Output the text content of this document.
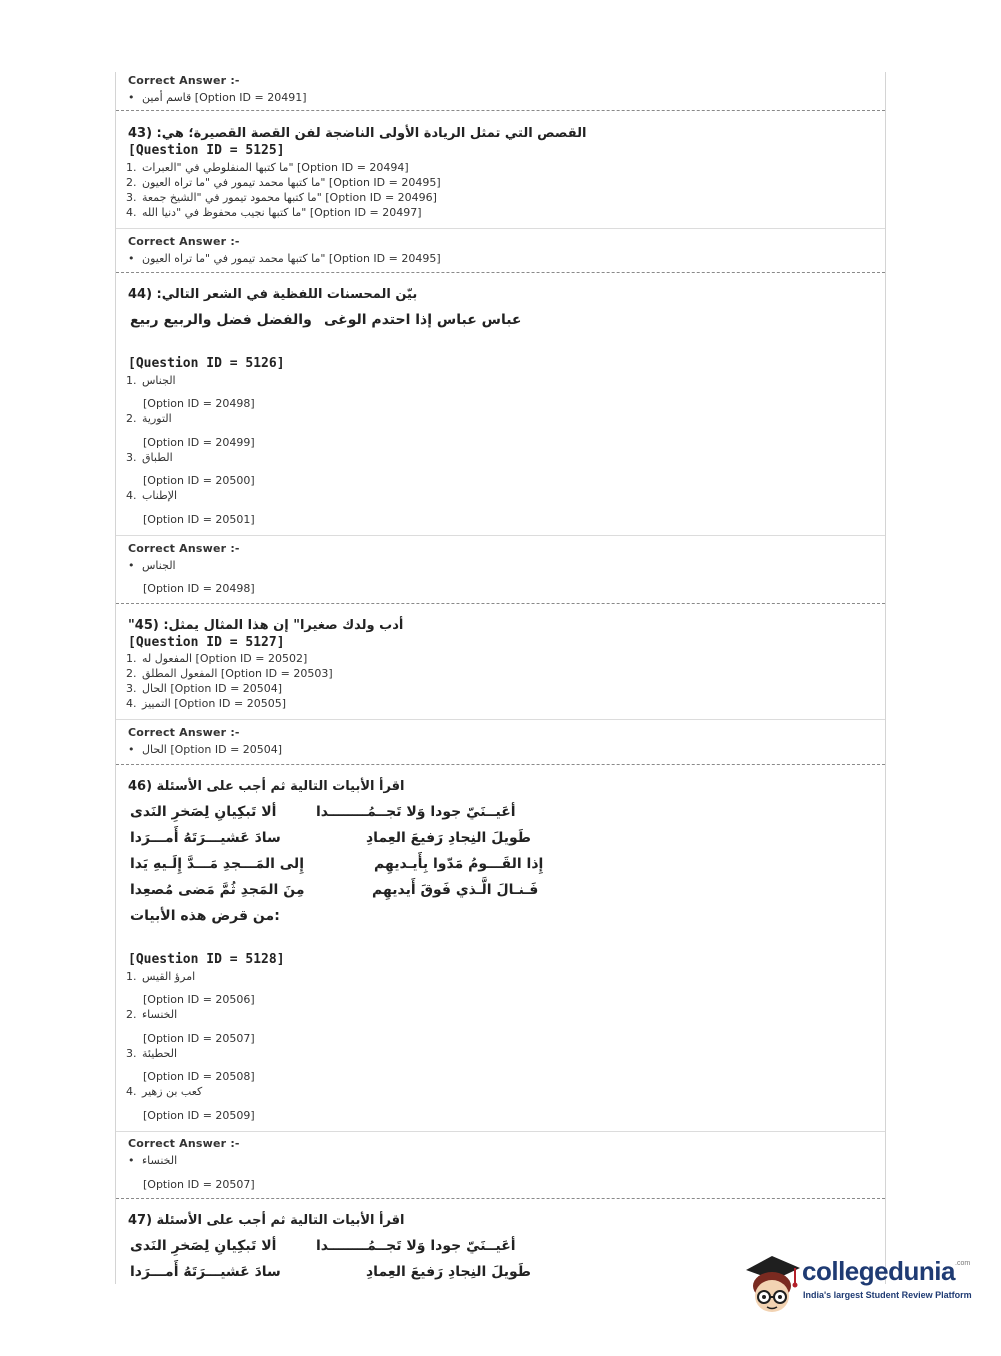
Correct Answer :-
• قاسم أمين [Option ID = 20491]
القصص التي تمثل الريادة الأولى الناضجة لفن القصة القصيرة؛ هي: (43
[Question ID = 5125]
1. ما كتبها المنفلوطي في "العبرات" [Option ID = 20494]
2. ما كتبها محمد تيمور في "ما تراه العيون" [Option ID = 20495]
3. ما كتبها محمود تيمور في "الشيخ جمعة" [Option ID = 20496]
4. ما كتبها نجيب محفوظ في "دنيا الله" [Option ID = 20497]
Correct Answer :-
• ما كتبها محمد تيمور في "ما تراه العيون" [Option ID = 20495]
بيّن المحسنات اللفظية في الشعر التالي: (44
عباس عباس إذا احتدم الوغى
والفضل فضل والربيع ربيع
[Question ID = 5126]
1. الجناس
[Option ID = 20498]
2. التورية
[Option ID = 20499]
3. الطباق
[Option ID = 20500]
4. الإطناب
[Option ID = 20501]
Correct Answer :-
• الجناس
[Option ID = 20498]
"أدب ولدك صغيرا" إن هذا المثال يمثل: (45
[Question ID = 5127]
1. المفعول له [Option ID = 20502]
2. المفعول المطلق [Option ID = 20503]
3. الحال [Option ID = 20504]
4. التمييز [Option ID = 20505]
Correct Answer :-
• الحال [Option ID = 20504]
اقرأ الأبيات التالية ثم أجب على الأسئلة (46
أعَيــنَيّ جودا وَلا تَجــمُــــــــدا
ألا تَبكِيانِ لِصَخرِ النَدى
طَويلَ النِجادِ رَفيعَ العِمادِ
سادَ عَشيـــرَتَهُ أَمـــرَدا
إِذا القَـــومُ مَدّوا بِأَيـديهِم
إِلى المَـــجدِ مَـــدَّ إِلَـيهِ يَدا
فَـنـالَ الَّـذي فَوقَ أَيديهِم
مِنَ المَجدِ ثُمَّ مَضى مُصعِدا
من قرض هذه الأبيات:
[Question ID = 5128]
1. امرؤ القيس
[Option ID = 20506]
2. الخنساء
[Option ID = 20507]
3. الحطيئة
[Option ID = 20508]
4. كعب بن زهير
[Option ID = 20509]
Correct Answer :-
• الخنساء
[Option ID = 20507]
اقرأ الأبيات التالية ثم أجب على الأسئلة (47
أعَيــنَيّ جودا وَلا تَجــمُــــــــدا
ألا تَبكِيانِ لِصَخرِ النَدى
طَويلَ النِجادِ رَفيعَ العِمادِ
سادَ عَشيـــرَتَهُ أَمـــرَدا	collegedunia .com
India's largest Student Review Platform
